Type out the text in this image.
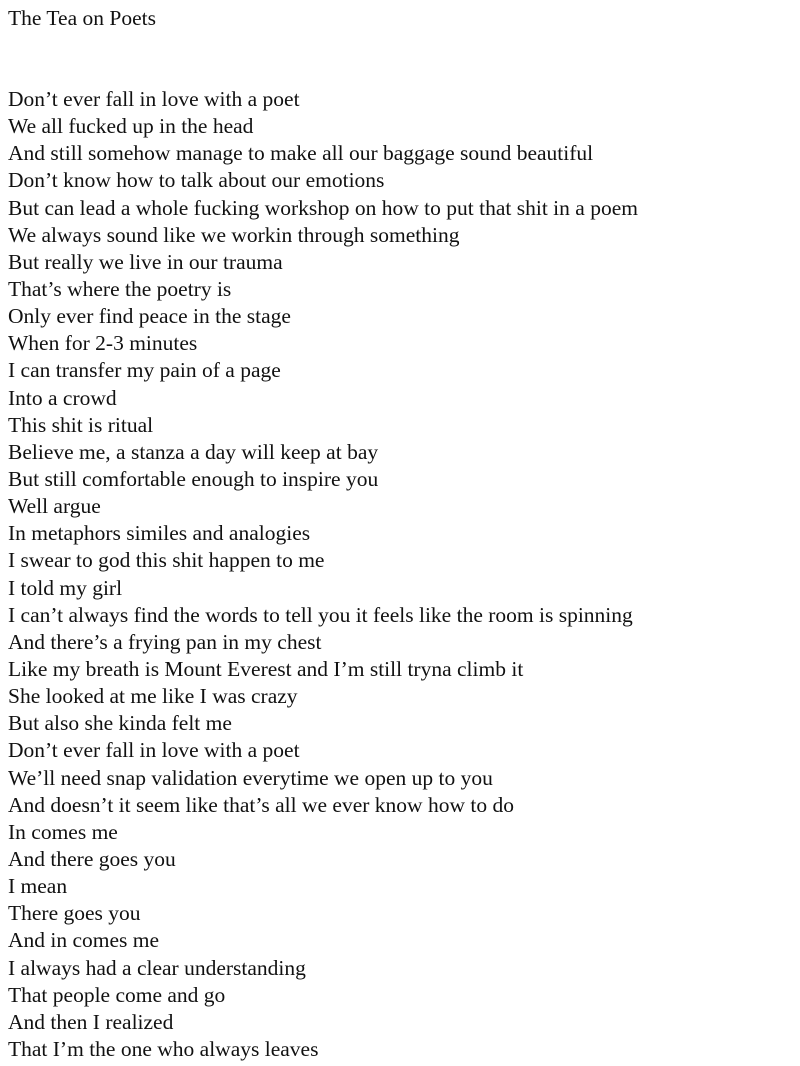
The Tea on Poets
Don’t ever fall in love with a poet
We all fucked up in the head
And still somehow manage to make all our baggage sound beautiful
Don’t know how to talk about our emotions
But can lead a whole fucking workshop on how to put that shit in a poem
We always sound like we workin through something
But really we live in our trauma
That’s where the poetry is
Only ever find peace in the stage
When for 2-3 minutes
I can transfer my pain of a page
Into a crowd
This shit is ritual
Believe me, a stanza a day will keep at bay
But still comfortable enough to inspire you
Well argue
In metaphors similes and analogies
I swear to god this shit happen to me
I told my girl
I can’t always find the words to tell you it feels like the room is spinning
And there’s a frying pan in my chest
Like my breath is Mount Everest and I’m still tryna climb it
She looked at me like I was crazy
But also she kinda felt me
Don’t ever fall in love with a poet
We’ll need snap validation everytime we open up to you
And doesn’t it seem like that’s all we ever know how to do
In comes me
And there goes you
I mean
There goes you
And in comes me
I always had a clear understanding
That people come and go
And then I realized
That I’m the one who always leaves
